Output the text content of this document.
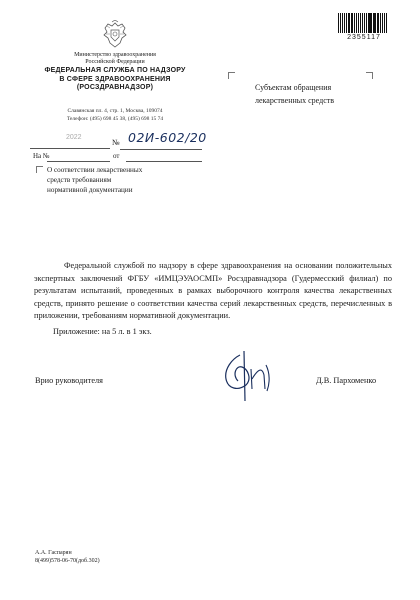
2355117
Министерство здравоохранения
Российской Федерации
ФЕДЕРАЛЬНАЯ СЛУЖБА ПО НАДЗОРУ
В СФЕРЕ ЗДРАВООХРАНЕНИЯ
(РОСЗДРАВНАДЗОР)
Славянская пл. 4, стр. 1, Москва, 109074
Телефон: (495) 698 45 38, (495) 698 15 74
2022
№ 02И-602/20
На №	от
О соответствии лекарственных
средств требованиям
нормативной документации
Субъектам обращения
лекарственных средств
Федеральной службой по надзору в сфере здравоохранения на основании положительных экспертных заключений ФГБУ «ИМЦЭУАОСМП» Росздравнадзора (Гудермесский филиал) по результатам испытаний, проведенных в рамках выборочного контроля качества лекарственных средств, принято решение о соответствии качества серий лекарственных средств, перечисленных в приложении, требованиям нормативной документации.
Приложение: на 5 л. в 1 экз.
Врио руководителя	Д.В. Пархоменко
А.А. Гаспарян
8(499)578-06-70(доб.302)
